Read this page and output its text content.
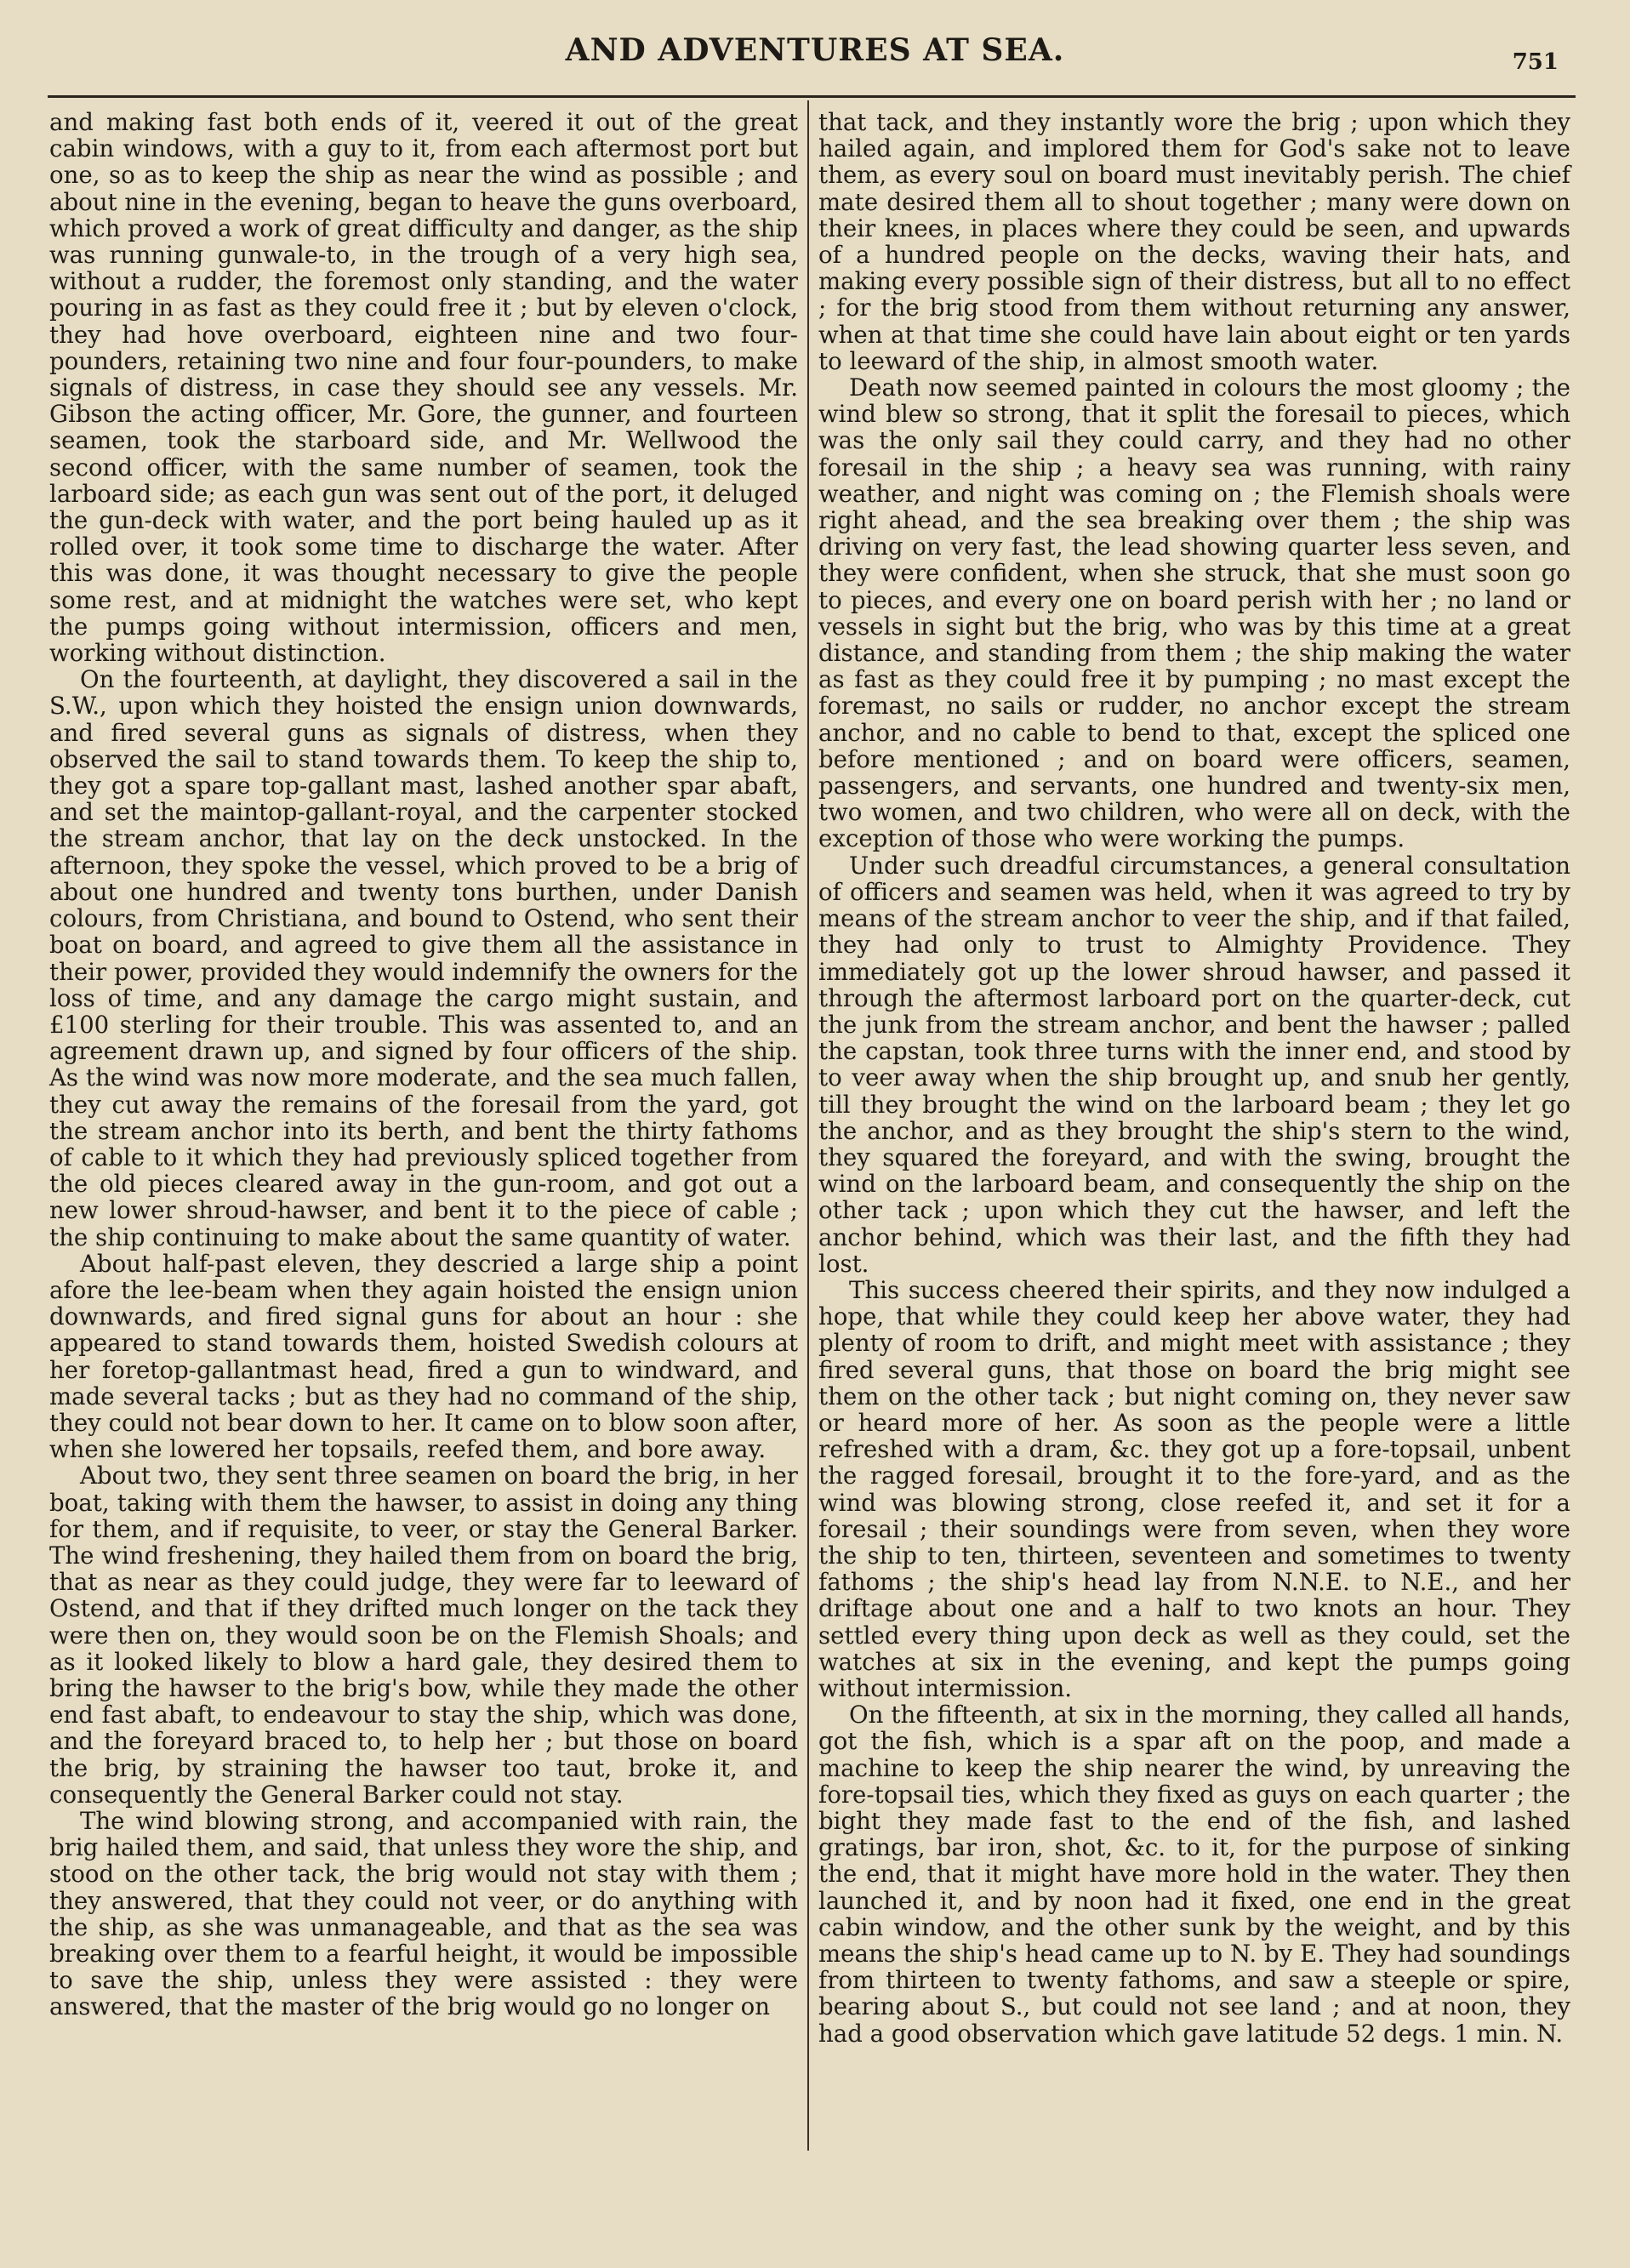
AND ADVENTURES AT SEA.	751

and making fast both ends of it, veered it out of the great cabin windows, with a guy to it, from each aftermost port but one, so as to keep the ship as near the wind as possible ; and about nine in the evening, began to heave the guns overboard, which proved a work of great difficulty and danger, as the ship was running gunwale-to, in the trough of a very high sea, without a rudder, the foremost only standing, and the water pouring in as fast as they could free it ; but by eleven o'clock, they had hove overboard, eighteen nine and two four-pounders, retaining two nine and four four-pounders, to make signals of distress, in case they should see any vessels. Mr. Gibson the acting officer, Mr. Gore, the gunner, and fourteen seamen, took the starboard side, and Mr. Wellwood the second officer, with the same number of seamen, took the larboard side; as each gun was sent out of the port, it deluged the gun-deck with water, and the port being hauled up as it rolled over, it took some time to discharge the water. After this was done, it was thought necessary to give the people some rest, and at midnight the watches were set, who kept the pumps going without intermission, officers and men, working without distinction.

On the fourteenth, at daylight, they discovered a sail in the S.W., upon which they hoisted the ensign union downwards, and fired several guns as signals of distress, when they observed the sail to stand towards them. To keep the ship to, they got a spare top-gallant mast, lashed another spar abaft, and set the maintop-gallant-royal, and the carpenter stocked the stream anchor, that lay on the deck unstocked. In the afternoon, they spoke the vessel, which proved to be a brig of about one hundred and twenty tons burthen, under Danish colours, from Christiana, and bound to Ostend, who sent their boat on board, and agreed to give them all the assistance in their power, provided they would indemnify the owners for the loss of time, and any damage the cargo might sustain, and £100 sterling for their trouble. This was assented to, and an agreement drawn up, and signed by four officers of the ship. As the wind was now more moderate, and the sea much fallen, they cut away the remains of the foresail from the yard, got the stream anchor into its berth, and bent the thirty fathoms of cable to it which they had previously spliced together from the old pieces cleared away in the gun-room, and got out a new lower shroud-hawser, and bent it to the piece of cable ; the ship continuing to make about the same quantity of water.

About half-past eleven, they descried a large ship a point afore the lee-beam when they again hoisted the ensign union downwards, and fired signal guns for about an hour : she appeared to stand towards them, hoisted Swedish colours at her foretop-gallantmast head, fired a gun to windward, and made several tacks ; but as they had no command of the ship, they could not bear down to her. It came on to blow soon after, when she lowered her topsails, reefed them, and bore away.

About two, they sent three seamen on board the brig, in her boat, taking with them the hawser, to assist in doing any thing for them, and if requisite, to veer, or stay the General Barker. The wind freshening, they hailed them from on board the brig, that as near as they could judge, they were far to leeward of Ostend, and that if they drifted much longer on the tack they were then on, they would soon be on the Flemish Shoals; and as it looked likely to blow a hard gale, they desired them to bring the hawser to the brig's bow, while they made the other end fast abaft, to endeavour to stay the ship, which was done, and the foreyard braced to, to help her ; but those on board the brig, by straining the hawser too taut, broke it, and consequently the General Barker could not stay.

The wind blowing strong, and accompanied with rain, the brig hailed them, and said, that unless they wore the ship, and stood on the other tack, the brig would not stay with them ; they answered, that they could not veer, or do anything with the ship, as she was unmanageable, and that as the sea was breaking over them to a fearful height, it would be impossible to save the ship, unless they were assisted : they were answered, that the master of the brig would go no longer on

that tack, and they instantly wore the brig ; upon which they hailed again, and implored them for God's sake not to leave them, as every soul on board must inevitably perish. The chief mate desired them all to shout together ; many were down on their knees, in places where they could be seen, and upwards of a hundred people on the decks, waving their hats, and making every possible sign of their distress, but all to no effect ; for the brig stood from them without returning any answer, when at that time she could have lain about eight or ten yards to leeward of the ship, in almost smooth water.

Death now seemed painted in colours the most gloomy ; the wind blew so strong, that it split the foresail to pieces, which was the only sail they could carry, and they had no other foresail in the ship ; a heavy sea was running, with rainy weather, and night was coming on ; the Flemish shoals were right ahead, and the sea breaking over them ; the ship was driving on very fast, the lead showing quarter less seven, and they were confident, when she struck, that she must soon go to pieces, and every one on board perish with her ; no land or vessels in sight but the brig, who was by this time at a great distance, and standing from them ; the ship making the water as fast as they could free it by pumping ; no mast except the foremast, no sails or rudder, no anchor except the stream anchor, and no cable to bend to that, except the spliced one before mentioned ; and on board were officers, seamen, passengers, and servants, one hundred and twenty-six men, two women, and two children, who were all on deck, with the exception of those who were working the pumps.

Under such dreadful circumstances, a general consultation of officers and seamen was held, when it was agreed to try by means of the stream anchor to veer the ship, and if that failed, they had only to trust to Almighty Providence. They immediately got up the lower shroud hawser, and passed it through the aftermost larboard port on the quarter-deck, cut the junk from the stream anchor, and bent the hawser ; palled the capstan, took three turns with the inner end, and stood by to veer away when the ship brought up, and snub her gently, till they brought the wind on the larboard beam ; they let go the anchor, and as they brought the ship's stern to the wind, they squared the foreyard, and with the swing, brought the wind on the larboard beam, and consequently the ship on the other tack ; upon which they cut the hawser, and left the anchor behind, which was their last, and the fifth they had lost.

This success cheered their spirits, and they now indulged a hope, that while they could keep her above water, they had plenty of room to drift, and might meet with assistance ; they fired several guns, that those on board the brig might see them on the other tack ; but night coming on, they never saw or heard more of her. As soon as the people were a little refreshed with a dram, &c. they got up a fore-topsail, unbent the ragged foresail, brought it to the fore-yard, and as the wind was blowing strong, close reefed it, and set it for a foresail ; their soundings were from seven, when they wore the ship to ten, thirteen, seventeen and sometimes to twenty fathoms ; the ship's head lay from N.N.E. to N.E., and her driftage about one and a half to two knots an hour. They settled every thing upon deck as well as they could, set the watches at six in the evening, and kept the pumps going without intermission.

On the fifteenth, at six in the morning, they called all hands, got the fish, which is a spar aft on the poop, and made a machine to keep the ship nearer the wind, by unreaving the fore-topsail ties, which they fixed as guys on each quarter ; the bight they made fast to the end of the fish, and lashed gratings, bar iron, shot, &c. to it, for the purpose of sinking the end, that it might have more hold in the water. They then launched it, and by noon had it fixed, one end in the great cabin window, and the other sunk by the weight, and by this means the ship's head came up to N. by E. They had soundings from thirteen to twenty fathoms, and saw a steeple or spire, bearing about S., but could not see land ; and at noon, they had a good observation which gave latitude 52 degs. 1 min. N.
